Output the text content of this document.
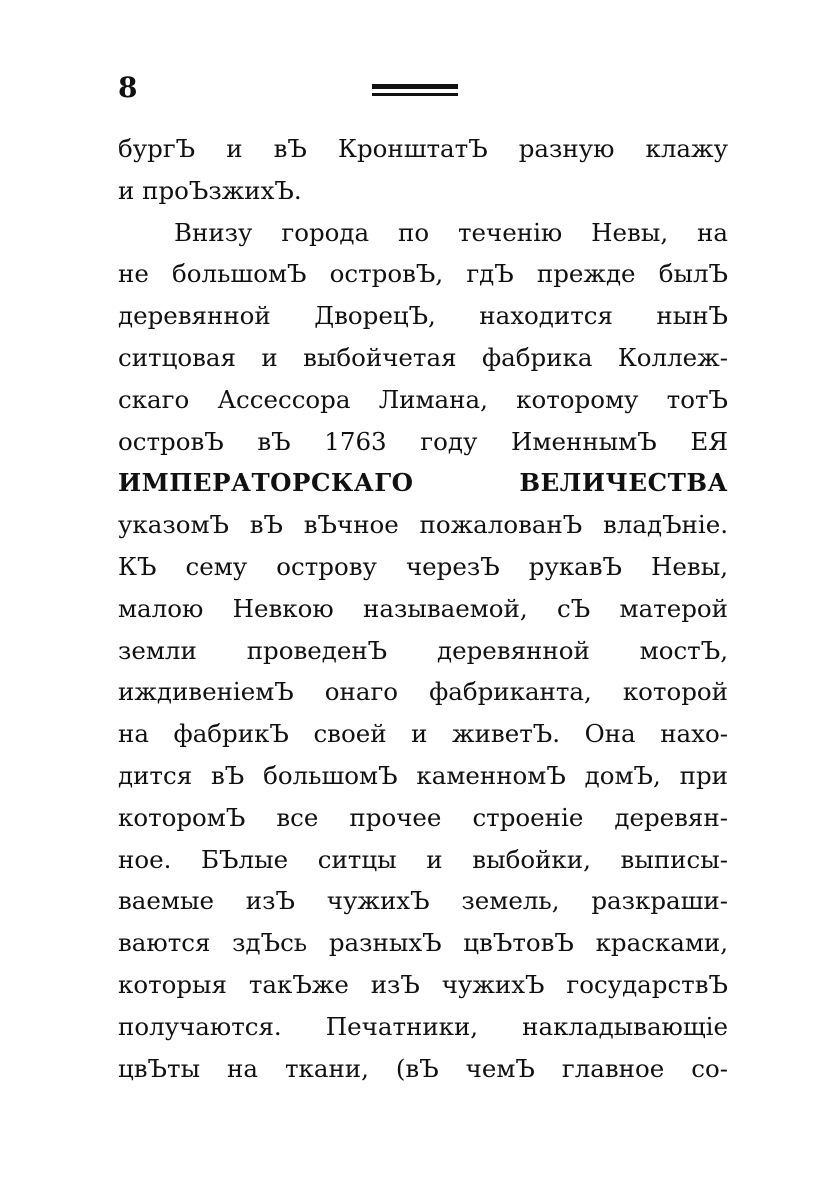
8

бургЪ и вЪ КронштатЪ разную клажу
и проЪзжихЪ.
Внизу города по теченію Невы, на
не большомЪ островЪ, гдЪ прежде былЪ
деревянной ДворецЪ, находится нынЪ
ситцовая и выбойчетая фабрика Коллеж-
скаго Ассессора Лимана, которому тотЪ
островЪ вЪ 1763 году ИменнымЪ ЕЯ
ИМПЕРАТОРСКАГО ВЕЛИЧЕСТВА
указомЪ вЪ вЪчное пожалованЪ владЪніе.
КЪ сему острову черезЪ рукавЪ Невы,
малою Невкою называемой, сЪ матерой
земли проведенЪ деревянной мостЪ,
иждивеніемЪ онаго фабриканта, которой
на фабрикЪ своей и живетЪ. Она нахо-
дится вЪ большомЪ каменномЪ домЪ, при
которомЪ все прочее строеніе деревян-
ное. БЪлые ситцы и выбойки, выписы-
ваемые изЪ чужихЪ земель, разкраши-
ваются здЪсь разныхЪ цвЪтовЪ красками,
которыя такЪже изЪ чужихЪ государствЪ
получаются. Печатники, накладывающіе
цвЪты на ткани, (вЪ чемЪ главное со-
